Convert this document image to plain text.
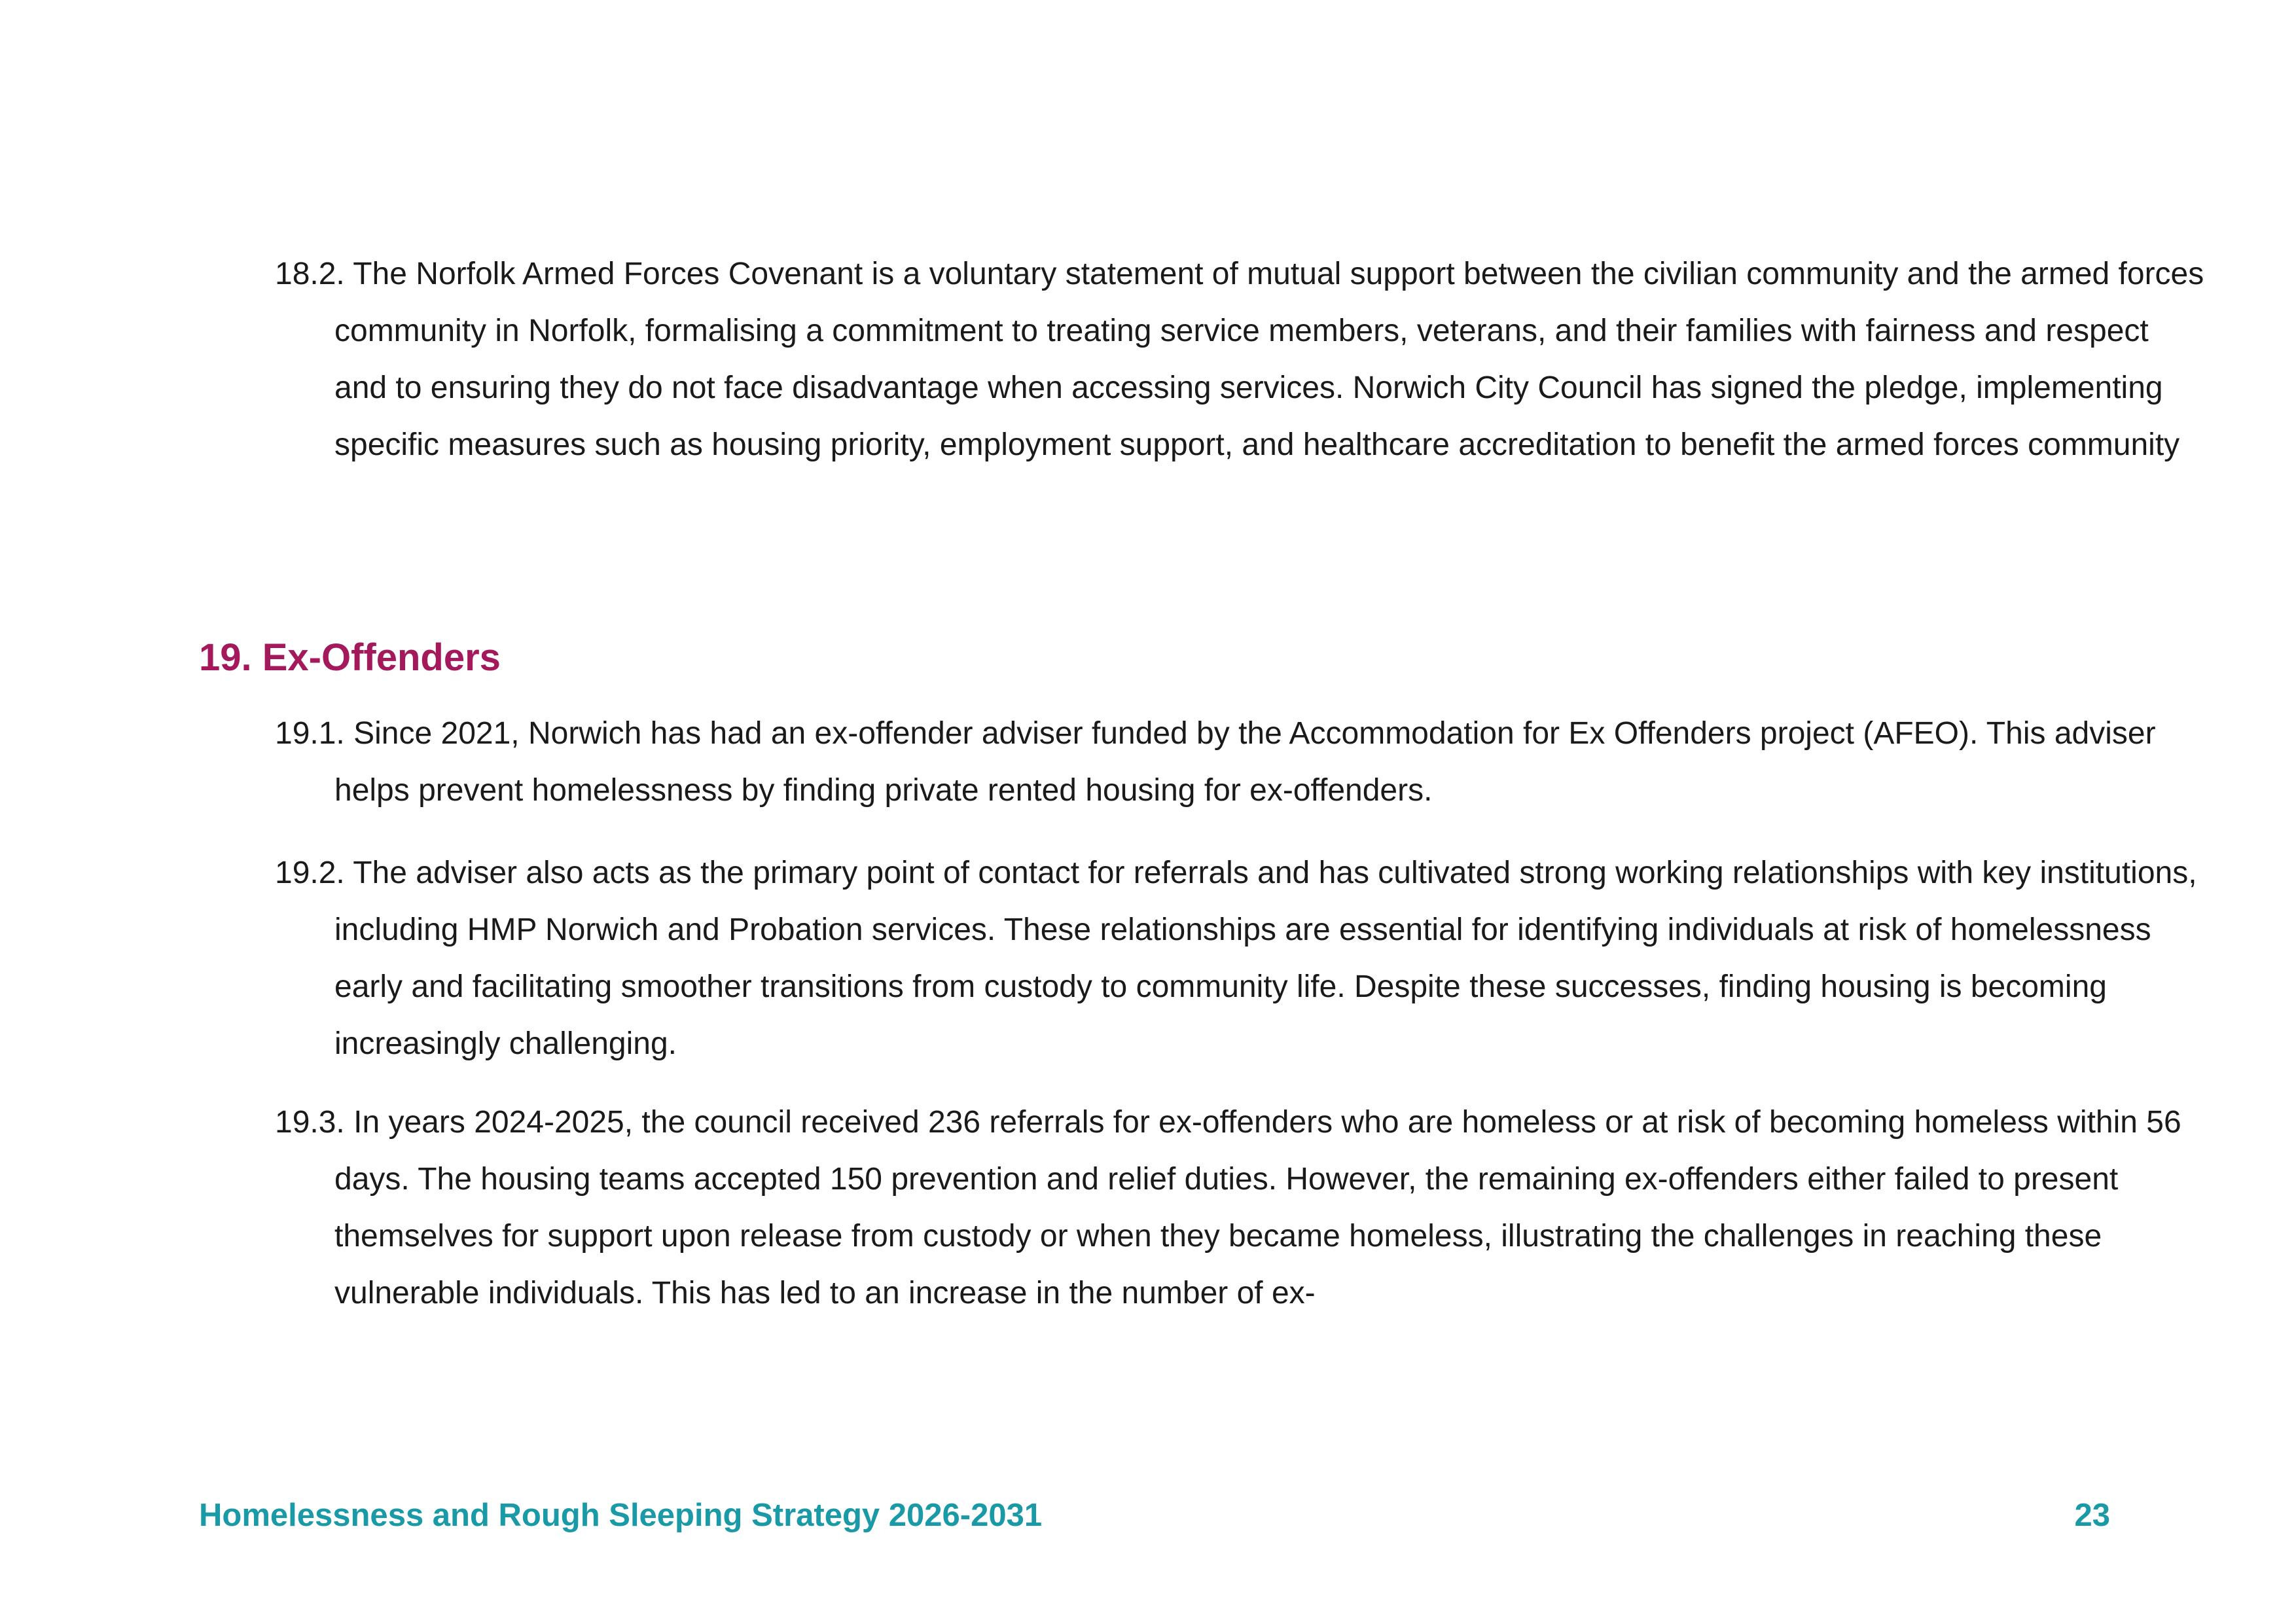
18.2. The Norfolk Armed Forces Covenant is a voluntary statement of mutual support between the civilian community and the armed forces community in Norfolk, formalising a commitment to treating service members, veterans, and their families with fairness and respect and to ensuring they do not face disadvantage when accessing services. Norwich City Council has signed the pledge, implementing specific measures such as housing priority, employment support, and healthcare accreditation to benefit the armed forces community

19. Ex-Offenders

19.1. Since 2021, Norwich has had an ex-offender adviser funded by the Accommodation for Ex Offenders project (AFEO). This adviser helps prevent homelessness by finding private rented housing for ex-offenders.

19.2. The adviser also acts as the primary point of contact for referrals and has cultivated strong working relationships with key institutions, including HMP Norwich and Probation services. These relationships are essential for identifying individuals at risk of homelessness early and facilitating smoother transitions from custody to community life. Despite these successes, finding housing is becoming increasingly challenging.

19.3. In years 2024-2025, the council received 236 referrals for ex-offenders who are homeless or at risk of becoming homeless within 56 days. The housing teams accepted 150 prevention and relief duties. However, the remaining ex-offenders either failed to present themselves for support upon release from custody or when they became homeless, illustrating the challenges in reaching these vulnerable individuals. This has led to an increase in the number of ex-

Homelessness and Rough Sleeping Strategy 2026-2031	23
